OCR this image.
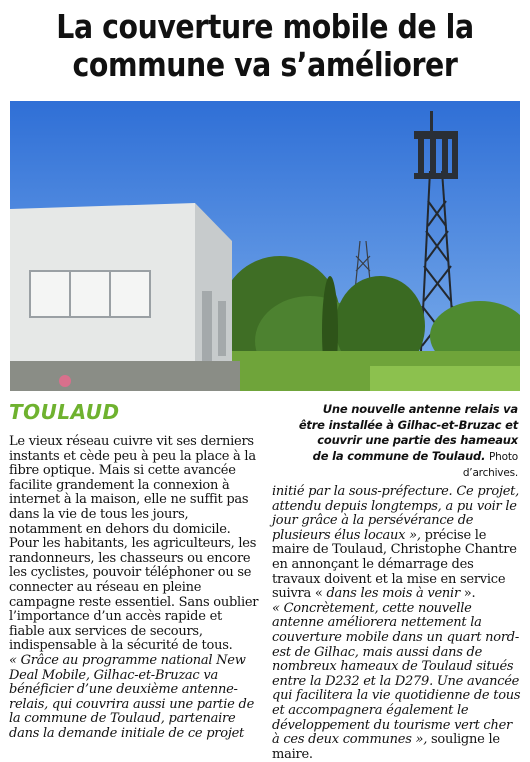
La couverture mobile de la commune va s’améliorer
TOULAUD	Une nouvelle antenne relais va être installée à Gilhac-et-Bruzac et couvrir une partie des hameaux de la commune de Toulaud. Photo d’archives.

Le vieux réseau cuivre vit ses derniers instants et cède peu à peu la place à la fibre optique. Mais si cette avancée facilite grandement la connexion à internet à la maison, elle ne suffit pas dans la vie de tous les jours, notamment en dehors du domicile. Pour les habitants, les agriculteurs, les randonneurs, les chasseurs ou encore les cyclistes, pouvoir téléphoner ou se connecter au réseau en pleine campagne reste essentiel. Sans oublier l’importance d’un accès rapide et fiable aux services de secours, indispensable à la sécurité de tous.

« Grâce au programme national New Deal Mobile, Gilhac-et-Bruzac va bénéficier d’une deuxième antenne-relais, qui couvrira aussi une partie de la commune de Toulaud, partenaire dans la demande initiale de ce projet

initié par la sous-préfecture. Ce projet, attendu depuis longtemps, a pu voir le jour grâce à la persévérance de plusieurs élus locaux », précise le maire de Toulaud, Christophe Chantre en annonçant le démarrage des travaux doivent et la mise en service suivra « dans les mois à venir ».

« Concrètement, cette nouvelle antenne améliorera nettement la couverture mobile dans un quart nord-est de Gilhac, mais aussi dans de nombreux hameaux de Toulaud situés entre la D232 et la D279. Une avancée qui facilitera la vie quotidienne de tous et accompagnera également le développement du tourisme vert cher à ces deux communes », souligne le maire.
